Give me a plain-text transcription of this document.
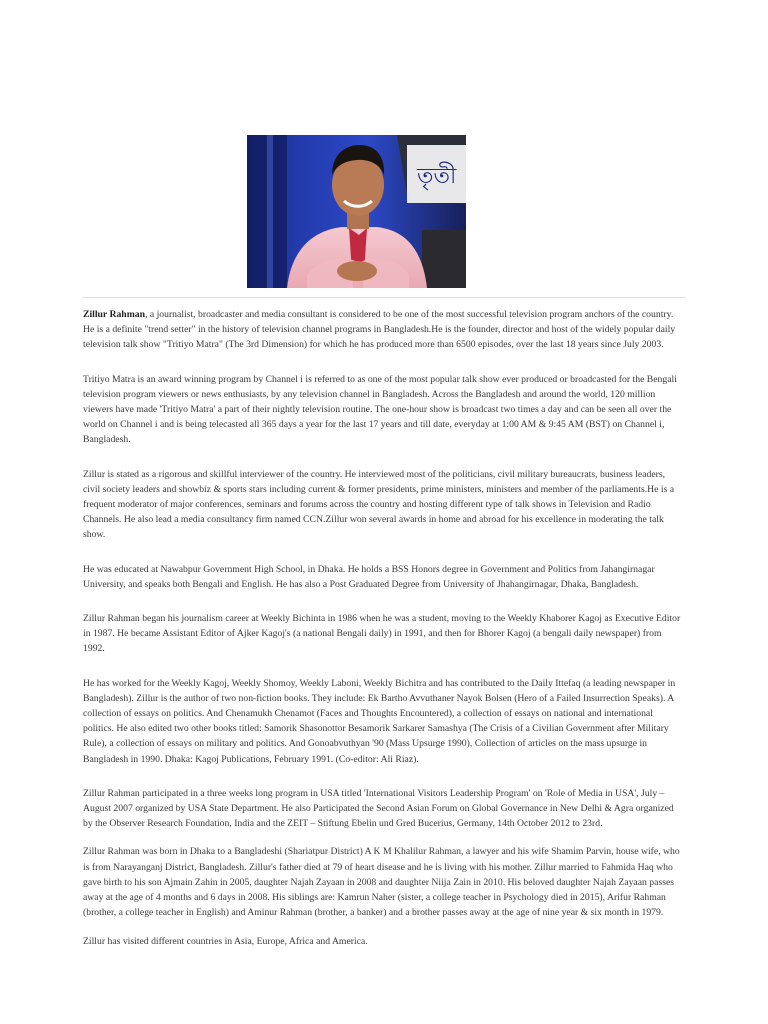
তৃতী

Zillur Rahman, a journalist, broadcaster and media consultant is considered to be one of the most successful television program anchors of the country. He is a definite "trend setter" in the history of television channel programs in Bangladesh.He is the founder, director and host of the widely popular daily television talk show "Tritiyo Matra" (The 3rd Dimension) for which he has produced more than 6500 episodes, over the last 18 years since July 2003.

Tritiyo Matra is an award winning program by Channel i is referred to as one of the most popular talk show ever produced or broadcasted for the Bengali television program viewers or news enthusiasts, by any television channel in Bangladesh. Across the Bangladesh and around the world, 120 million viewers have made 'Tritiyo Matra' a part of their nightly television routine. The one-hour show is broadcast two times a day and can be seen all over the world on Channel i and is being telecasted all 365 days a year for the last 17 years and till date, everyday at 1:00 AM & 9:45 AM (BST) on Channel i, Bangladesh.

Zillur is stated as a rigorous and skillful interviewer of the country. He interviewed most of the politicians, civil military bureaucrats, business leaders, civil society leaders and showbiz & sports stars including current & former presidents, prime ministers, ministers and member of the parliaments.He is a frequent moderator of major conferences, seminars and forums across the country and hosting different type of talk shows in Television and Radio Channels. He also lead a media consultancy firm named CCN.Zillur won several awards in home and abroad for his excellence in moderating the talk show.

He was educated at Nawabpur Government High School, in Dhaka. He holds a BSS Honors degree in Government and Politics from Jahangirnagar University, and speaks both Bengali and English. He has also a Post Graduated Degree from University of Jhahangirnagar, Dhaka, Bangladesh.

Zillur Rahman began his journalism career at Weekly Bichinta in 1986 when he was a student, moving to the Weekly Khaborer Kagoj as Executive Editor in 1987. He became Assistant Editor of Ajker Kagoj's (a national Bengali daily) in 1991, and then for Bhorer Kagoj (a bengali daily newspaper) from 1992.

He has worked for the Weekly Kagoj, Weekly Shomoy, Weekly Laboni, Weekly Bichitra and has contributed to the Daily Ittefaq (a leading newspaper in Bangladesh). Zillur is the author of two non-fiction books. They include: Ek Bartho Avvuthaner Nayok Bolsen (Hero of a Failed Insurrection Speaks). A collection of essays on politics. And Chenamukh Chenamot (Faces and Thoughts Encountered), a collection of essays on national and international politics. He also edited two other books titled: Samorik Shasonottor Besamorik Sarkarer Samashya (The Crisis of a Civilian Government after Military Rule), a collection of essays on military and politics. And Gonoabvuthyan '90 (Mass Upsurge 1990), Collection of articles on the mass upsurge in Bangladesh in 1990. Dhaka: Kagoj Publications, February 1991. (Co-editor: Ali Riaz).

Zillur Rahman participated in a three weeks long program in USA titled 'International Visitors Leadership Program' on 'Role of Media in USA', July – August 2007 organized by USA State Department. He also Participated the Second Asian Forum on Global Governance in New Delhi & Agra organized by the Observer Research Foundation, India and the ZEIT – Stiftung Ebelin und Gred Bucerius, Germany, 14th October 2012 to 23rd.

Zillur Rahman was born in Dhaka to a Bangladeshi (Shariatpur District) A K M Khalilur Rahman, a lawyer and his wife Shamim Parvin, house wife, who is from Narayanganj District, Bangladesh. Zillur's father died at 79 of heart disease and he is living with his mother. Zillur married to Fahmida Haq who gave birth to his son Ajmain Zahin in 2005, daughter Najah Zayaan in 2008 and daughter Niija Zain in 2010. His beloved daughter Najah Zayaan passes away at the age of 4 months and 6 days in 2008. His siblings are: Kamrun Naher (sister, a college teacher in Psychology died in 2015), Arifur Rahman (brother, a college teacher in English) and Aminur Rahman (brother, a banker) and a brother passes away at the age of nine year & six month in 1979.

Zillur has visited different countries in Asia, Europe, Africa and America.
